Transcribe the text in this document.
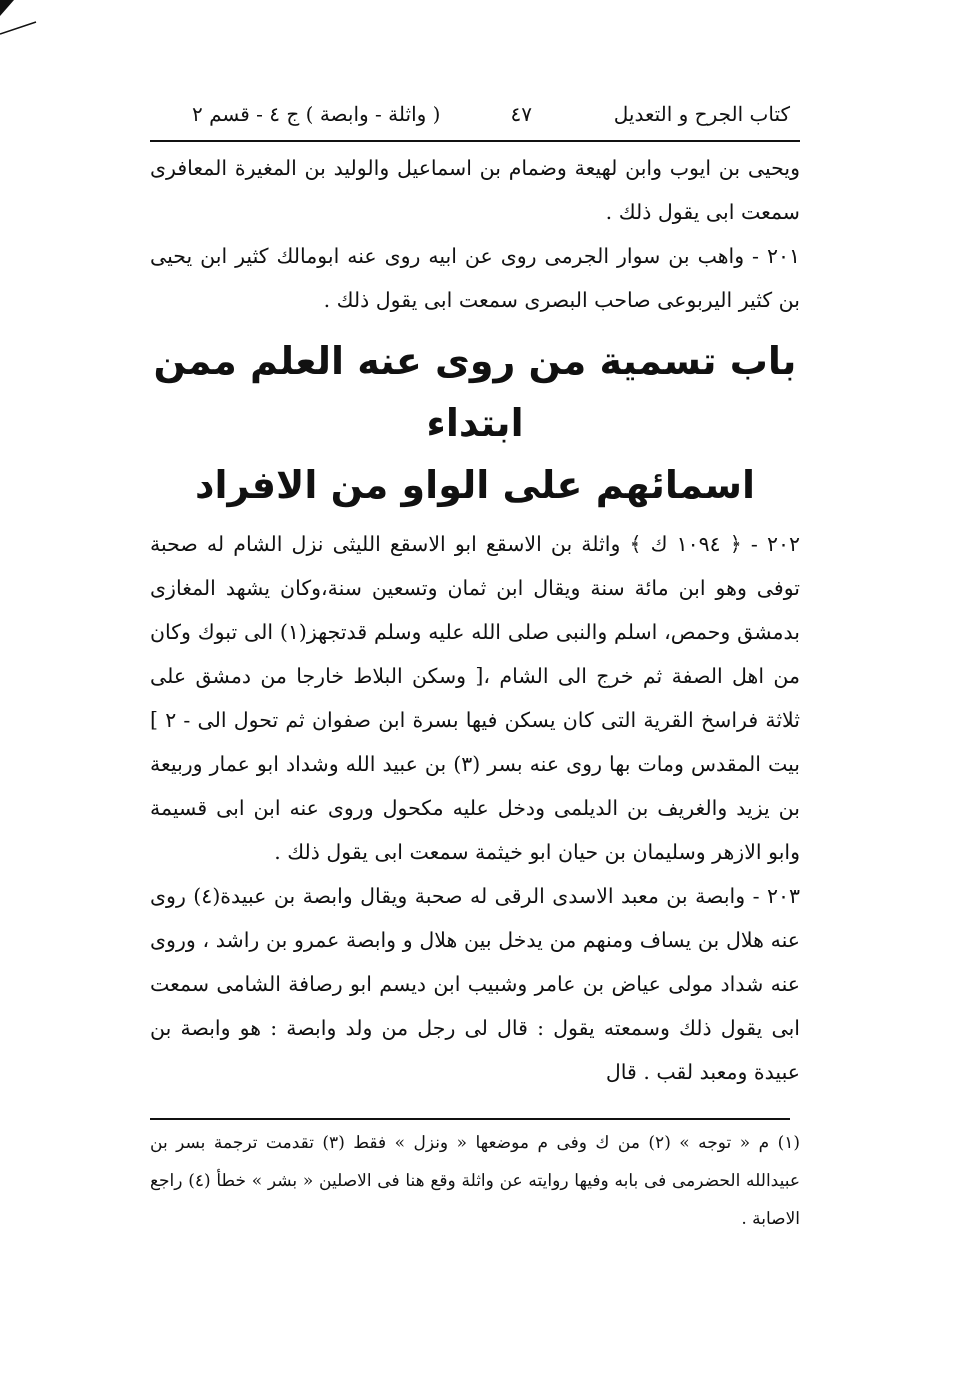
كتاب الجرح و التعديل
٤٧
( واثلة - وابصة ) ج ٤ - قسم ٢

ويحيى بن ايوب وابن لهيعة وضمام بن اسماعيل والوليد بن المغيرة المعافرى سمعت ابى يقول ذلك .

٢٠١ - واهب بن سوار الجرمى روى عن ابيه روى عنه ابومالك كثير ابن يحيى بن كثير اليربوعى صاحب البصرى سمعت ابى يقول ذلك .

باب تسمية من روى عنه العلم ممن ابتداء
اسمائهم على الواو من الافراد

٢٠٢ - ﴿ ١٠٩٤ ك ﴾ واثلة بن الاسقع ابو الاسقع الليثى نزل الشام له صحبة توفى وهو ابن مائة سنة ويقال ابن ثمان وتسعين سنة،وكان يشهد المغازى بدمشق وحمص، اسلم والنبى صلى الله عليه وسلم قدتجهز(١) الى تبوك وكان من اهل الصفة ثم خرج الى الشام ،[ وسكن البلاط خارجا من دمشق على ثلاثة فراسخ القرية التى كان يسكن فيها بسرة ابن صفوان ثم تحول الى - ٢ ] بيت المقدس ومات بها روى عنه بسر (٣) بن عبيد الله وشداد ابو عمار وربيعة بن يزيد والغريف بن الديلمى ودخل عليه مكحول وروى عنه ابن ابى قسيمة وابو الازهر وسليمان بن حيان ابو خيثمة سمعت ابى يقول ذلك .

٢٠٣ - وابصة بن معبد الاسدى الرقى له صحبة ويقال وابصة بن عبيدة(٤) روى عنه هلال بن يساف ومنهم من يدخل بين هلال و وابصة عمرو بن راشد ، وروى عنه شداد مولى عياض بن عامر وشبيب ابن ديسم ابو رصافة الشامى سمعت ابى يقول ذلك وسمعته يقول : قال لى رجل من ولد وابصة : هو وابصة بن عبيدة ومعبد لقب . قال

(١) م « توجه » (٢) من ك وفى م موضعها « ونزل » فقط (٣) تقدمت ترجمة بسر بن عبيدالله الحضرمى فى بابه وفيها روايته عن واثلة وقع هنا فى الاصلين « بشر » خطأ (٤) راجع الاصابة .
